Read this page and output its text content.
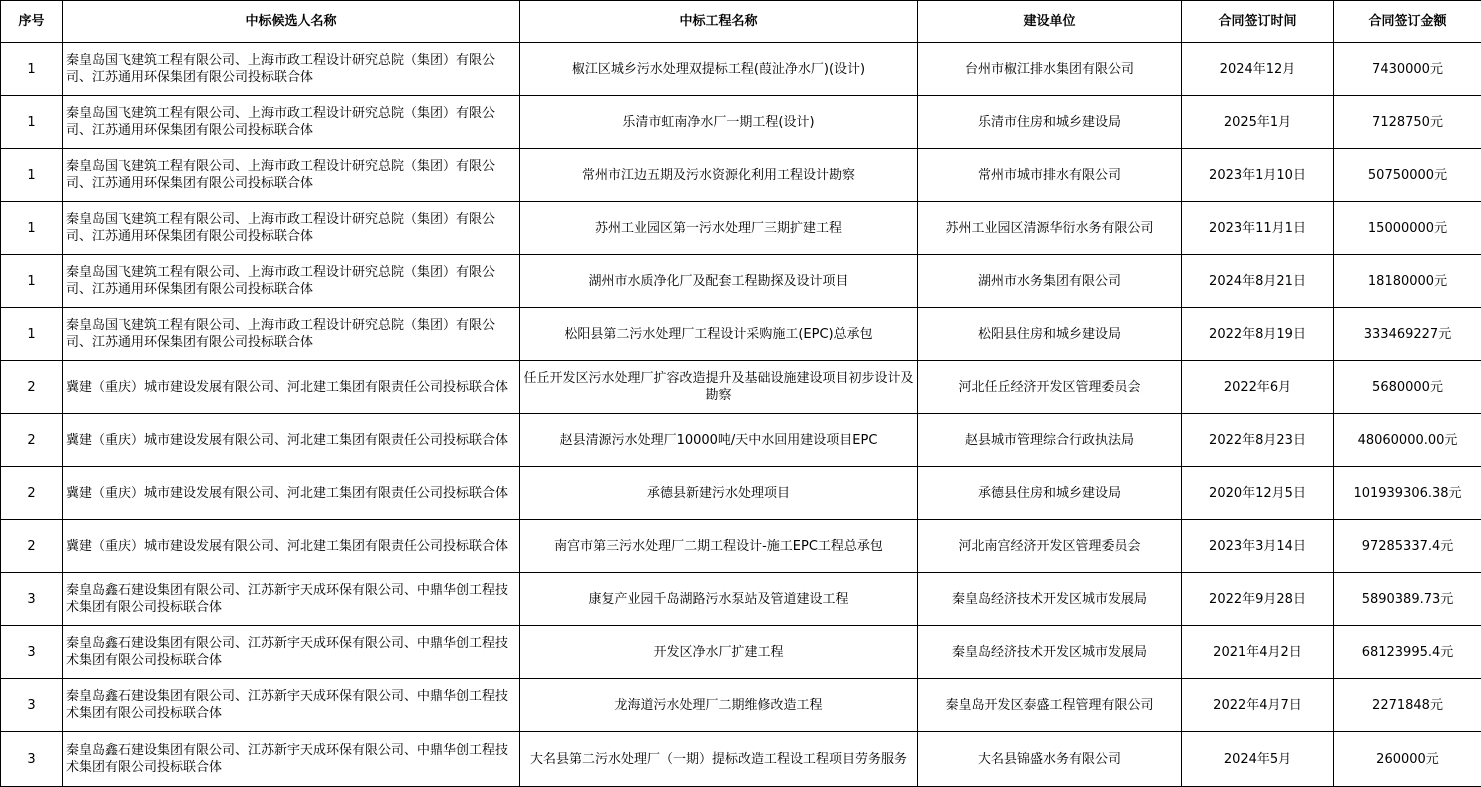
序号	中标候选人名称	中标工程名称	建设单位	合同签订时间	合同签订金额
1	秦皇岛国飞建筑工程有限公司、上海市政工程设计研究总院（集团）有限公司、江苏通用环保集团有限公司投标联合体	椒江区城乡污水处理双提标工程(葭沚净水厂)(设计)	台州市椒江排水集团有限公司	2024年12月	7430000元
1	秦皇岛国飞建筑工程有限公司、上海市政工程设计研究总院（集团）有限公司、江苏通用环保集团有限公司投标联合体	乐清市虹南净水厂一期工程(设计)	乐清市住房和城乡建设局	2025年1月	7128750元
1	秦皇岛国飞建筑工程有限公司、上海市政工程设计研究总院（集团）有限公司、江苏通用环保集团有限公司投标联合体	常州市江边五期及污水资源化利用工程设计勘察	常州市城市排水有限公司	2023年1月10日	50750000元
1	秦皇岛国飞建筑工程有限公司、上海市政工程设计研究总院（集团）有限公司、江苏通用环保集团有限公司投标联合体	苏州工业园区第一污水处理厂三期扩建工程	苏州工业园区清源华衍水务有限公司	2023年11月1日	15000000元
1	秦皇岛国飞建筑工程有限公司、上海市政工程设计研究总院（集团）有限公司、江苏通用环保集团有限公司投标联合体	湖州市水质净化厂及配套工程勘探及设计项目	湖州市水务集团有限公司	2024年8月21日	18180000元
1	秦皇岛国飞建筑工程有限公司、上海市政工程设计研究总院（集团）有限公司、江苏通用环保集团有限公司投标联合体	松阳县第二污水处理厂工程设计采购施工(EPC)总承包	松阳县住房和城乡建设局	2022年8月19日	333469227元
2	冀建（重庆）城市建设发展有限公司、河北建工集团有限责任公司投标联合体	任丘开发区污水处理厂扩容改造提升及基础设施建设项目初步设计及勘察	河北任丘经济开发区管理委员会	2022年6月	5680000元
2	冀建（重庆）城市建设发展有限公司、河北建工集团有限责任公司投标联合体	赵县清源污水处理厂10000吨/天中水回用建设项目EPC	赵县城市管理综合行政执法局	2022年8月23日	48060000.00元
2	冀建（重庆）城市建设发展有限公司、河北建工集团有限责任公司投标联合体	承德县新建污水处理项目	承德县住房和城乡建设局	2020年12月5日	101939306.38元
2	冀建（重庆）城市建设发展有限公司、河北建工集团有限责任公司投标联合体	南宫市第三污水处理厂二期工程设计-施工EPC工程总承包	河北南宫经济开发区管理委员会	2023年3月14日	97285337.4元
3	秦皇岛鑫石建设集团有限公司、江苏新宇天成环保有限公司、中鼎华创工程技术集团有限公司投标联合体	康复产业园千岛湖路污水泵站及管道建设工程	秦皇岛经济技术开发区城市发展局	2022年9月28日	5890389.73元
3	秦皇岛鑫石建设集团有限公司、江苏新宇天成环保有限公司、中鼎华创工程技术集团有限公司投标联合体	开发区净水厂扩建工程	秦皇岛经济技术开发区城市发展局	2021年4月2日	68123995.4元
3	秦皇岛鑫石建设集团有限公司、江苏新宇天成环保有限公司、中鼎华创工程技术集团有限公司投标联合体	龙海道污水处理厂二期维修改造工程	秦皇岛开发区泰盛工程管理有限公司	2022年4月7日	2271848元
3	秦皇岛鑫石建设集团有限公司、江苏新宇天成环保有限公司、中鼎华创工程技术集团有限公司投标联合体	大名县第二污水处理厂（一期）提标改造工程设工程项目劳务服务	大名县锦盛水务有限公司	2024年5月	260000元
